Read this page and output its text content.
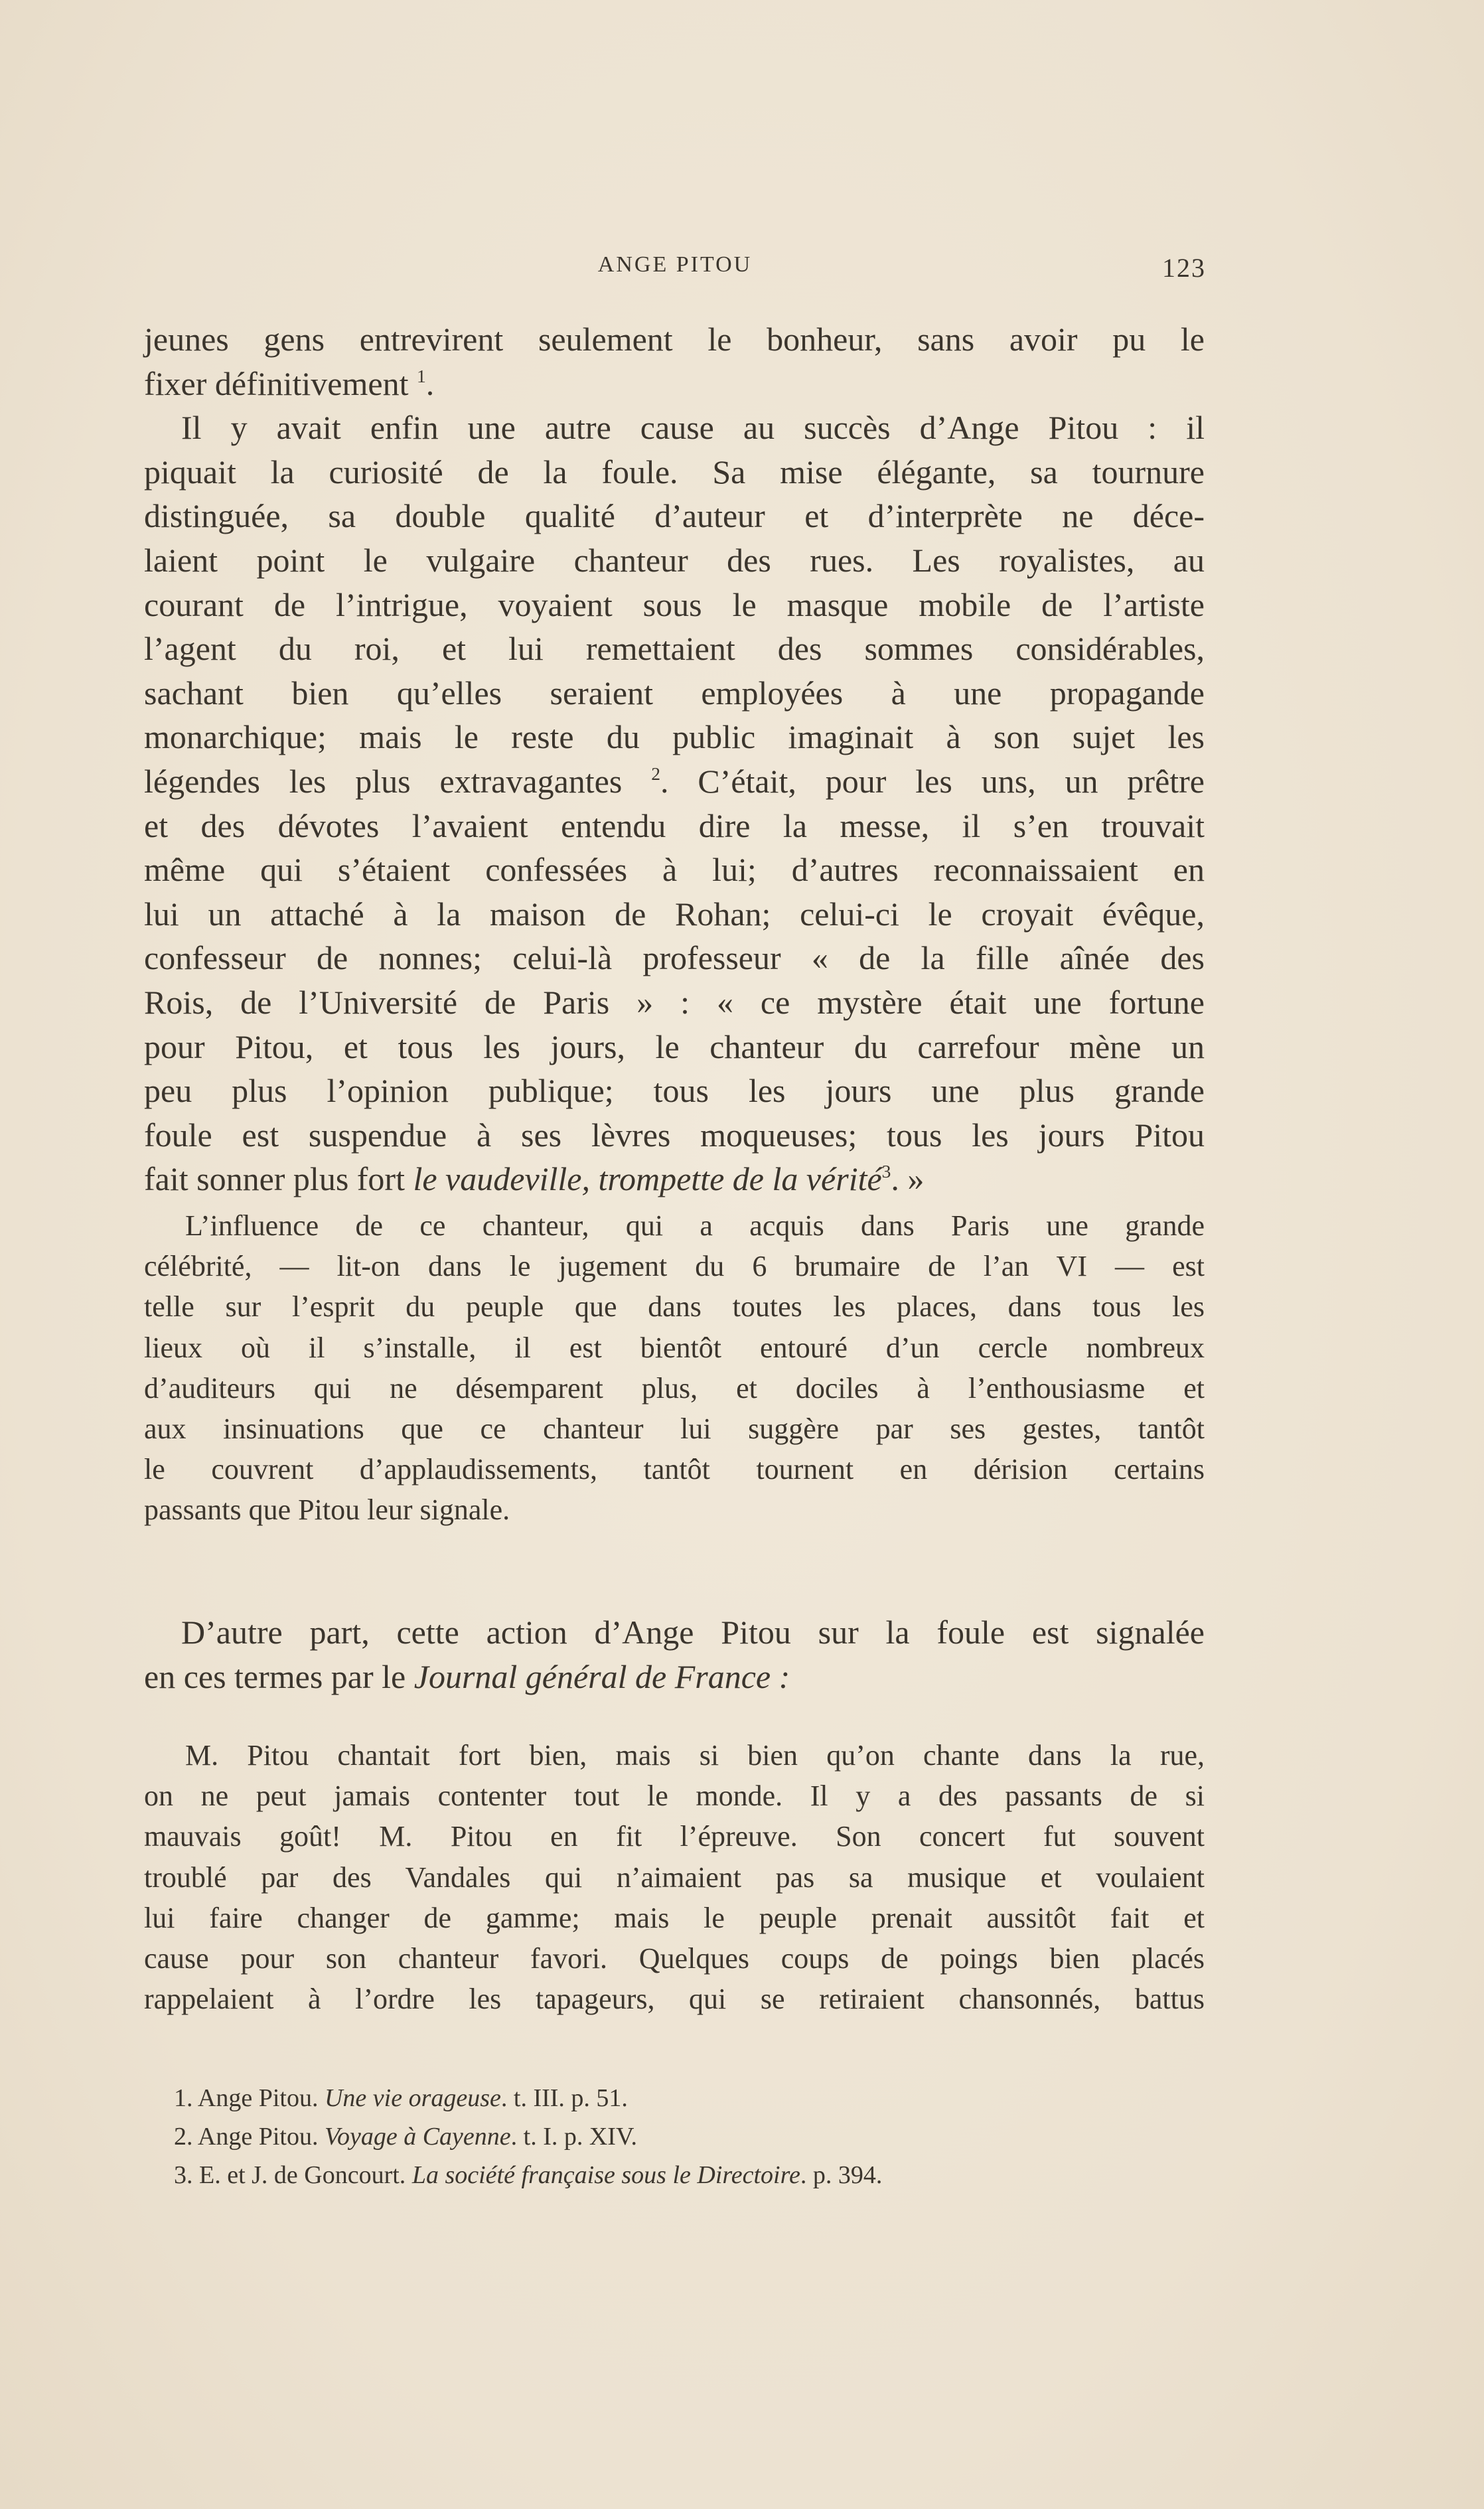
ANGE PITOU	123
jeunes gens entrevirent seulement le bonheur, sans avoir pu le
fixer définitivement $^1$.
Il y avait enfin une autre cause au succès d’Ange Pitou : il
piquait la curiosité de la foule. Sa mise élégante, sa tournure
distinguée, sa double qualité d’auteur et d’interprète ne déce-
laient point le vulgaire chanteur des rues. Les royalistes, au
courant de l’intrigue, voyaient sous le masque mobile de l’artiste
l’agent du roi, et lui remettaient des sommes considérables,
sachant bien qu’elles seraient employées à une propagande
monarchique; mais le reste du public imaginait à son sujet les
légendes les plus extravagantes $^2$. C’était, pour les uns, un prêtre
et des dévotes l’avaient entendu dire la messe, il s’en trouvait
même qui s’étaient confessées à lui; d’autres reconnaissaient en
lui un attaché à la maison de Rohan; celui-ci le croyait évêque,
confesseur de nonnes; celui-là professeur « de la fille aînée des
Rois, de l’Université de Paris » : « ce mystère était une fortune
pour Pitou, et tous les jours, le chanteur du carrefour mène un
peu plus l’opinion publique; tous les jours une plus grande
foule est suspendue à ses lèvres moqueuses; tous les jours Pitou
fait sonner plus fort le vaudeville, trompette de la vérité$^3$. »
L’influence de ce chanteur, qui a acquis dans Paris une grande
célébrité, — lit-on dans le jugement du 6 brumaire de l’an VI — est
telle sur l’esprit du peuple que dans toutes les places, dans tous les
lieux où il s’installe, il est bientôt entouré d’un cercle nombreux
d’auditeurs qui ne désemparent plus, et dociles à l’enthousiasme et
aux insinuations que ce chanteur lui suggère par ses gestes, tantôt
le couvrent d’applaudissements, tantôt tournent en dérision certains
passants que Pitou leur signale.
D’autre part, cette action d’Ange Pitou sur la foule est signalée
en ces termes par le Journal général de France :
M. Pitou chantait fort bien, mais si bien qu’on chante dans la rue,
on ne peut jamais contenter tout le monde. Il y a des passants de si
mauvais goût! M. Pitou en fit l’épreuve. Son concert fut souvent
troublé par des Vandales qui n’aimaient pas sa musique et voulaient
lui faire changer de gamme; mais le peuple prenait aussitôt fait et
cause pour son chanteur favori. Quelques coups de poings bien placés
rappelaient à l’ordre les tapageurs, qui se retiraient chansonnés, battus
1. Ange Pitou. Une vie orageuse. t. III. p. 51.
2. Ange Pitou. Voyage à Cayenne. t. I. p. XIV.
3. E. et J. de Goncourt. La société française sous le Directoire. p. 394.
